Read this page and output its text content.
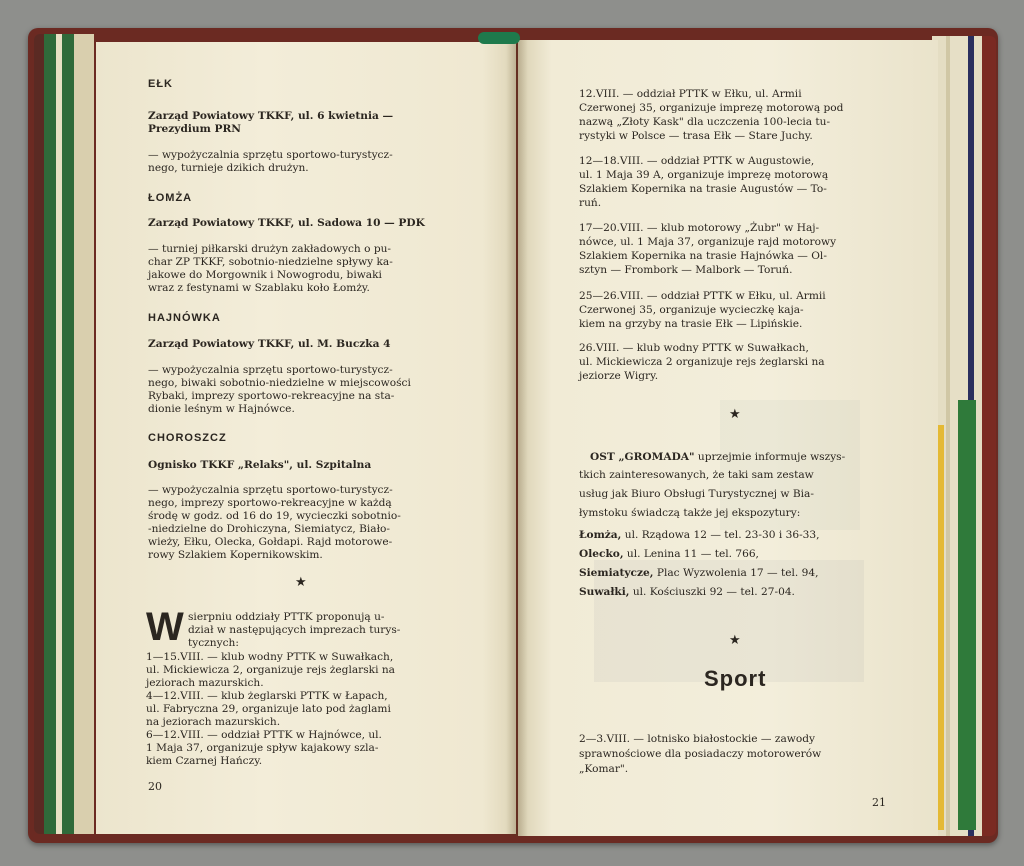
EŁK
Zarząd Powiatowy TKKF, ul. 6 kwietnia —
Prezydium PRN
— wypożyczalnia sprzętu sportowo-turystycz-
nego, turnieje dzikich drużyn.
ŁOMŻA
Zarząd Powiatowy TKKF, ul. Sadowa 10 — PDK
— turniej piłkarski drużyn zakładowych o pu-
char ZP TKKF, sobotnio-niedzielne spływy ka-
jakowe do Morgownik i Nowogrodu, biwaki
wraz z festynami w Szablaku koło Łomży.
HAJNÓWKA
Zarząd Powiatowy TKKF, ul. M. Buczka 4
— wypożyczalnia sprzętu sportowo-turystycz-
nego, biwaki sobotnio-niedzielne w miejscowości
Rybaki, imprezy sportowo-rekreacyjne na sta-
dionie leśnym w Hajnówce.
CHOROSZCZ
Ognisko TKKF „Relaks", ul. Szpitalna
— wypożyczalnia sprzętu sportowo-turystycz-
nego, imprezy sportowo-rekreacyjne w każdą
środę w godz. od 16 do 19, wycieczki sobotnio-
-niedzielne do Drohiczyna, Siemiatycz, Biało-
wieży, Ełku, Olecka, Gołdapi. Rajd motorowe-
rowy Szlakiem Kopernikowskim.
★
W sierpniu oddziały PTTK proponują u-
dział w następujących imprezach turys-
tycznych:
1—15.VIII. — klub wodny PTTK w Suwałkach,
ul. Mickiewicza 2, organizuje rejs żeglarski na
jeziorach mazurskich.
4—12.VIII. — klub żeglarski PTTK w Łapach,
ul. Fabryczna 29, organizuje lato pod żaglami
na jeziorach mazurskich.
6—12.VIII. — oddział PTTK w Hajnówce, ul.
1 Maja 37, organizuje spływ kajakowy szla-
kiem Czarnej Hańczy.
20
12.VIII. — oddział PTTK w Ełku, ul. Armii
Czerwonej 35, organizuje imprezę motorową pod
nazwą „Złoty Kask" dla uczczenia 100-lecia tu-
rystyki w Polsce — trasa Ełk — Stare Juchy.
12—18.VIII. — oddział PTTK w Augustowie,
ul. 1 Maja 39 A, organizuje imprezę motorową
Szlakiem Kopernika na trasie Augustów — To-
ruń.
17—20.VIII. — klub motorowy „Żubr" w Haj-
nówce, ul. 1 Maja 37, organizuje rajd motorowy
Szlakiem Kopernika na trasie Hajnówka — Ol-
sztyn — Frombork — Malbork — Toruń.
25—26.VIII. — oddział PTTK w Ełku, ul. Armii
Czerwonej 35, organizuje wycieczkę kaja-
kiem na grzyby na trasie Ełk — Lipińskie.
26.VIII. — klub wodny PTTK w Suwałkach,
ul. Mickiewicza 2 organizuje rejs żeglarski na
jeziorze Wigry.
★
OST „GROMADA" uprzejmie informuje wszys-
tkich zainteresowanych, że taki sam zestaw
usług jak Biuro Obsługi Turystycznej w Bia-
łymstoku świadczą także jej ekspozytury:
Łomża, ul. Rządowa 12 — tel. 23-30 i 36-33,
Olecko, ul. Lenina 11 — tel. 766,
Siemiatycze, Plac Wyzwolenia 17 — tel. 94,
Suwałki, ul. Kościuszki 92 — tel. 27-04.
★
Sport
2—3.VIII. — lotnisko białostockie — zawody
sprawnościowe dla posiadaczy motorowerów
„Komar".
21
